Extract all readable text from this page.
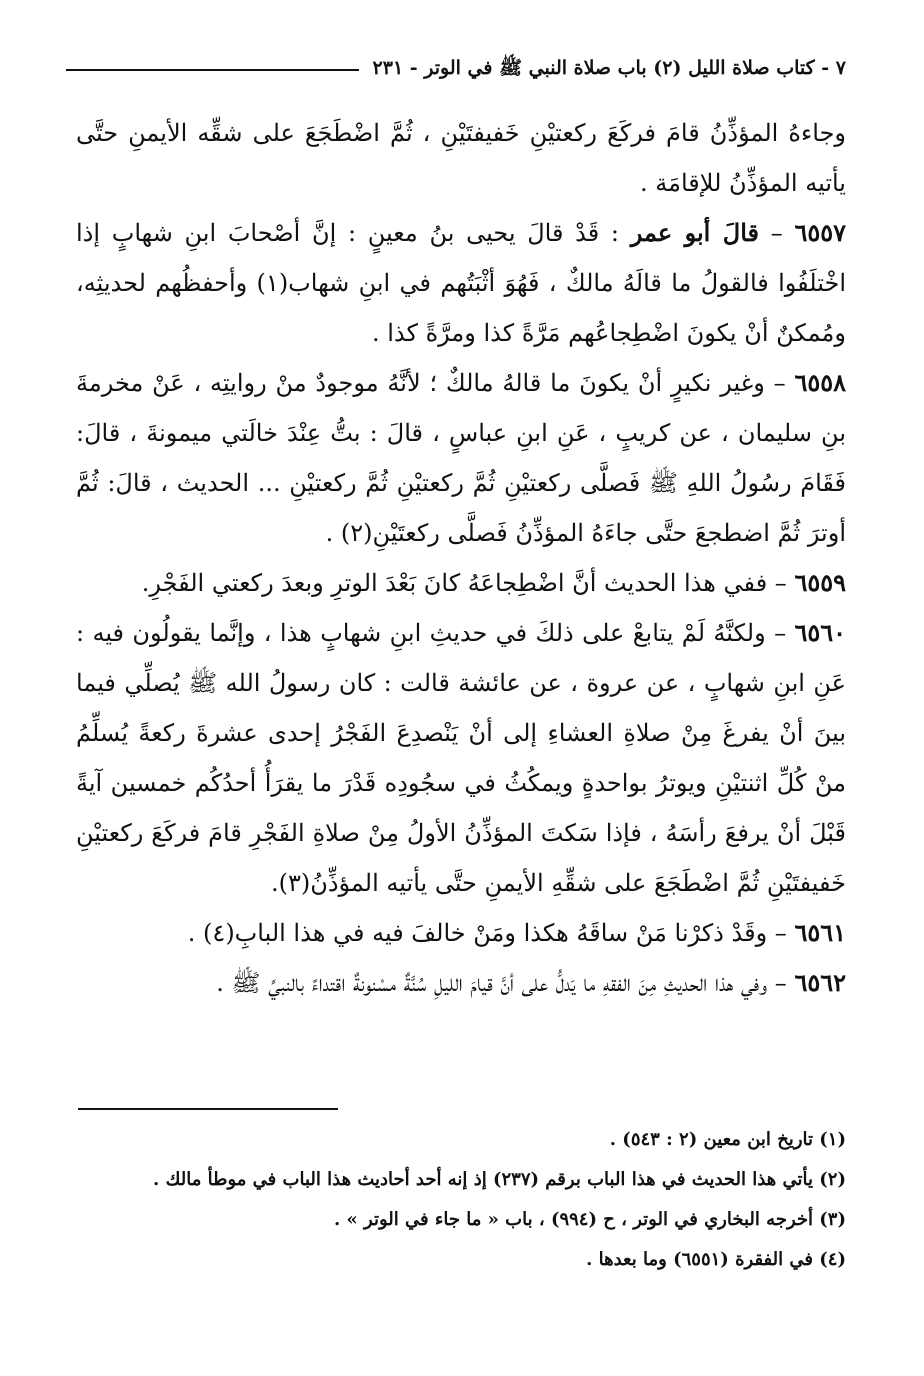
٧ - كتاب صلاة الليل (٢) باب صلاة النبي ﷺ في الوتر - ٢٣١

وجاءهُ المؤذِّنُ قامَ فركَعَ ركعتيْنِ خَفيفتَيْنِ ، ثُمَّ اضْطَجَعَ على شقِّه الأيمنِ حتَّى يأتيه المؤذِّنُ للإقامَة .

٦٥٥٧ – قالَ أبو عمر : قَدْ قالَ يحيى بنُ معينٍ : إنَّ أصْحابَ ابنِ شهابٍ إذا اخْتلَفُوا فالقولُ ما قالَهُ مالكٌ ، فَهُوَ أثْبَتُهم في ابنِ شهاب(١) وأحفظُهم لحديثِه، ومُمكنٌ أنْ يكونَ اضْطِجاعُهم مَرَّةً كذا ومرَّةً كذا .

٦٥٥٨ – وغير نكيرٍ أنْ يكونَ ما قالهُ مالكٌ ؛ لأنَّهُ موجودٌ منْ روايتِه ، عَنْ مخرمةَ بنِ سليمان ، عن كريبٍ ، عَنِ ابنِ عباسٍ ، قالَ : بتُّ عِنْدَ خالَتي ميمونةَ ، قالَ: فَقَامَ رسُولُ اللهِ ﷺ فَصلَّى ركعتيْنِ ثُمَّ ركعتيْنِ ثُمَّ ركعتيْنِ ... الحديث ، قالَ: ثُمَّ أوترَ ثُمَّ اضطجعَ حتَّى جاءَهُ المؤذِّنُ فَصلَّى ركعتَيْنِ(٢) .

٦٥٥٩ – ففي هذا الحديث أنَّ اضْطِجاعَهُ كانَ بَعْدَ الوترِ وبعدَ ركعتي الفَجْرِ.

٦٥٦٠ – ولكنَّهُ لَمْ يتابعْ على ذلكَ في حديثِ ابنِ شهابٍ هذا ، وإنَّما يقولُون فيه : عَنِ ابنِ شهابٍ ، عن عروة ، عن عائشة قالت : كان رسولُ الله ﷺ يُصلِّي فيما بينَ أنْ يفرغَ مِنْ صلاةِ العشاءِ إلى أنْ يَنْصدِعَ الفَجْرُ إحدى عشرةَ ركعةً يُسلِّمُ منْ كُلِّ اثنتيْنِ ويوترُ بواحدةٍ ويمكُثُ في سجُودِه قَدْرَ ما يقرَأُ أحدُكُم خمسين آيةً قَبْلَ أنْ يرفعَ رأسَهُ ، فإذا سَكتَ المؤذِّنُ الأولُ مِنْ صلاةِ الفَجْرِ قامَ فركَعَ ركعتيْنِ خَفيفتَيْنِ ثُمَّ اضْطَجَعَ على شقِّهِ الأيمنِ حتَّى يأتيه المؤذِّنُ(٣).

٦٥٦١ – وقَدْ ذكرْنا مَنْ ساقَهُ هكذا ومَنْ خالفَ فيه في هذا البابِ(٤) .

٦٥٦٢ – وفي هذا الحديثِ مِنَ الفقهِ ما يَدلُّ على أنَّ قيامَ الليلِ سُنَّةٌ مسْنونةٌ اقتداءً بالنبيِّ ﷺ .

(١) تاريخ ابن معين (٢ : ٥٤٣) .

(٢) يأتي هذا الحديث في هذا الباب برقم (٢٣٧) إذ إنه أحد أحاديث هذا الباب في موطأ مالك .

(٣) أخرجه البخاري في الوتر ، ح (٩٩٤) ، باب « ما جاء في الوتر » .

(٤) في الفقرة (٦٥٥١) وما بعدها .
